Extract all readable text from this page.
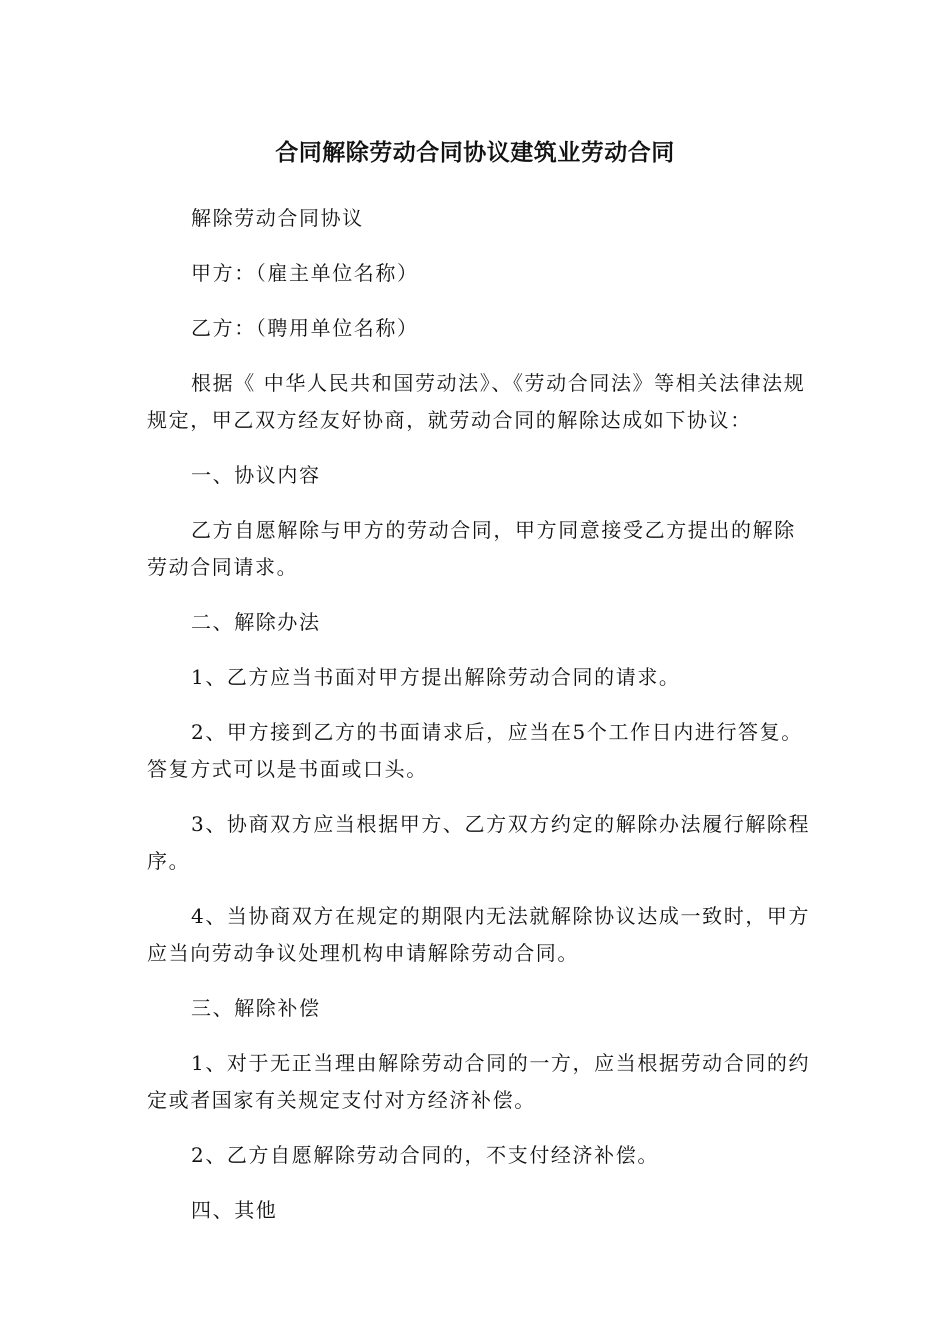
合同解除劳动合同协议建筑业劳动合同

解除劳动合同协议

甲方：（雇主单位名称）

乙方：（聘用单位名称）

根据《 中华人民共和国劳动法》、《劳动合同法》等相关法律法规规定，甲乙双方经友好协商，就劳动合同的解除达成如下协议：

一、协议内容

乙方自愿解除与甲方的劳动合同，甲方同意接受乙方提出的解除劳动合同请求。

二、解除办法

1、乙方应当书面对甲方提出解除劳动合同的请求。

2、甲方接到乙方的书面请求后，应当在5个工作日内进行答复。答复方式可以是书面或口头。

3、协商双方应当根据甲方、乙方双方约定的解除办法履行解除程序。

4、当协商双方在规定的期限内无法就解除协议达成一致时，甲方应当向劳动争议处理机构申请解除劳动合同。

三、解除补偿

1、对于无正当理由解除劳动合同的一方，应当根据劳动合同的约定或者国家有关规定支付对方经济补偿。

2、乙方自愿解除劳动合同的，不支付经济补偿。

四、其他
